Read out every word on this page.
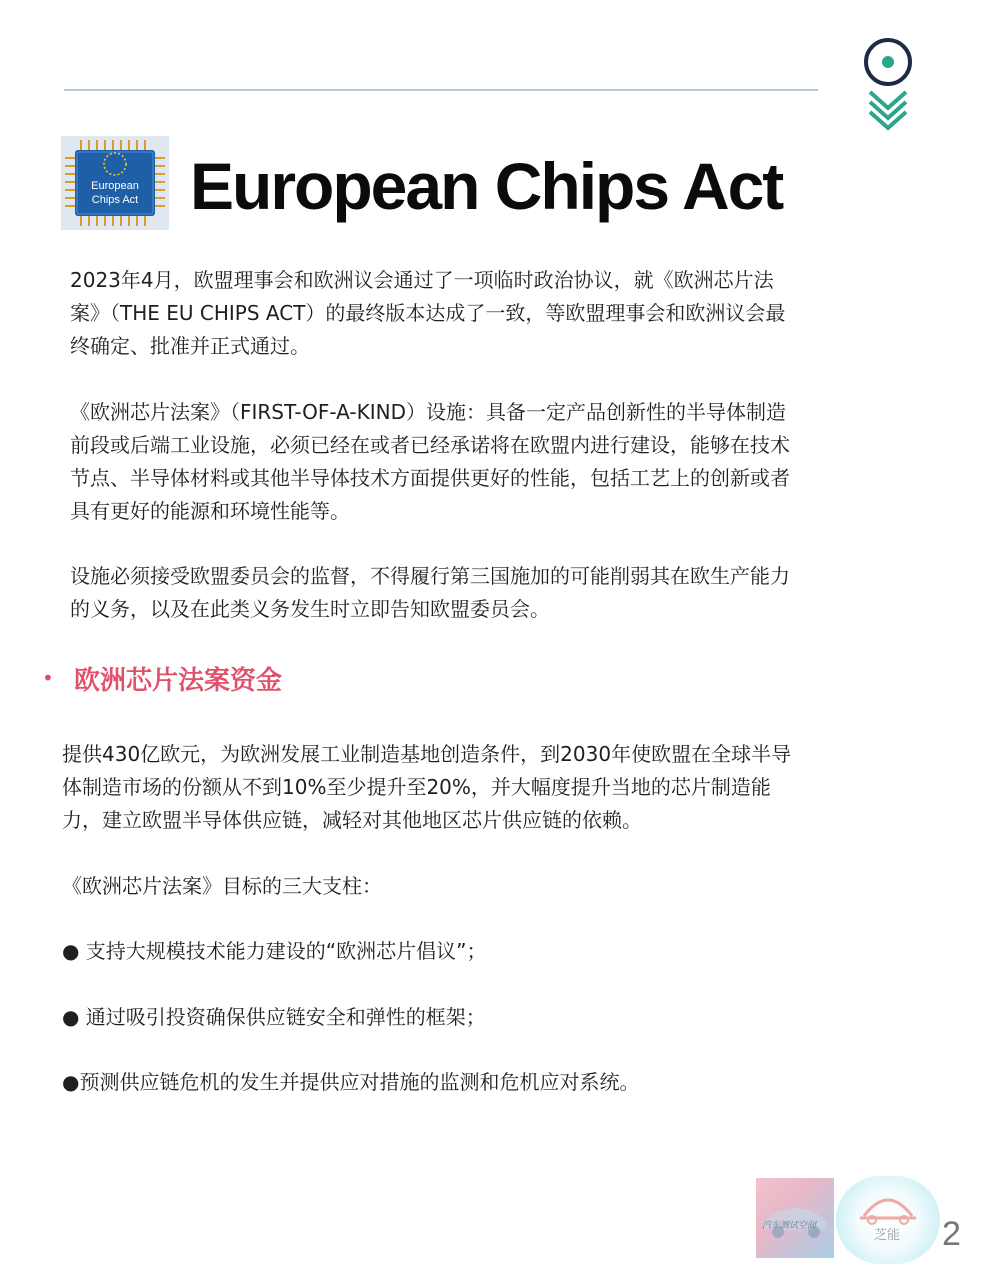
European
Chips Act European Chips Act
2023年4月，欧盟理事会和欧洲议会通过了一项临时政治协议，就《欧洲芯片法
案》（THE EU CHIPS ACT）的最终版本达成了一致，等欧盟理事会和欧洲议会最
终确定、批准并正式通过。
《欧洲芯片法案》（FIRST-OF-A-KIND）设施：具备一定产品创新性的半导体制造
前段或后端工业设施，必须已经在或者已经承诺将在欧盟内进行建设，能够在技术
节点、半导体材料或其他半导体技术方面提供更好的性能，包括工艺上的创新或者
具有更好的能源和环境性能等。
设施必须接受欧盟委员会的监督，不得履行第三国施加的可能削弱其在欧生产能力
的义务，以及在此类义务发生时立即告知欧盟委员会。
• 欧洲芯片法案资金
提供430亿欧元，为欧洲发展工业制造基地创造条件，到2030年使欧盟在全球半导
体制造市场的份额从不到10%至少提升至20%，并大幅度提升当地的芯片制造能
力，建立欧盟半导体供应链，减轻对其他地区芯片供应链的依赖。
《欧洲芯片法案》目标的三大支柱：
● 支持大规模技术能力建设的“欧洲芯片倡议”；
● 通过吸引投资确保供应链安全和弹性的框架；
●预测供应链危机的发生并提供应对措施的监测和危机应对系统。
汽车测试空间
芝能 2
